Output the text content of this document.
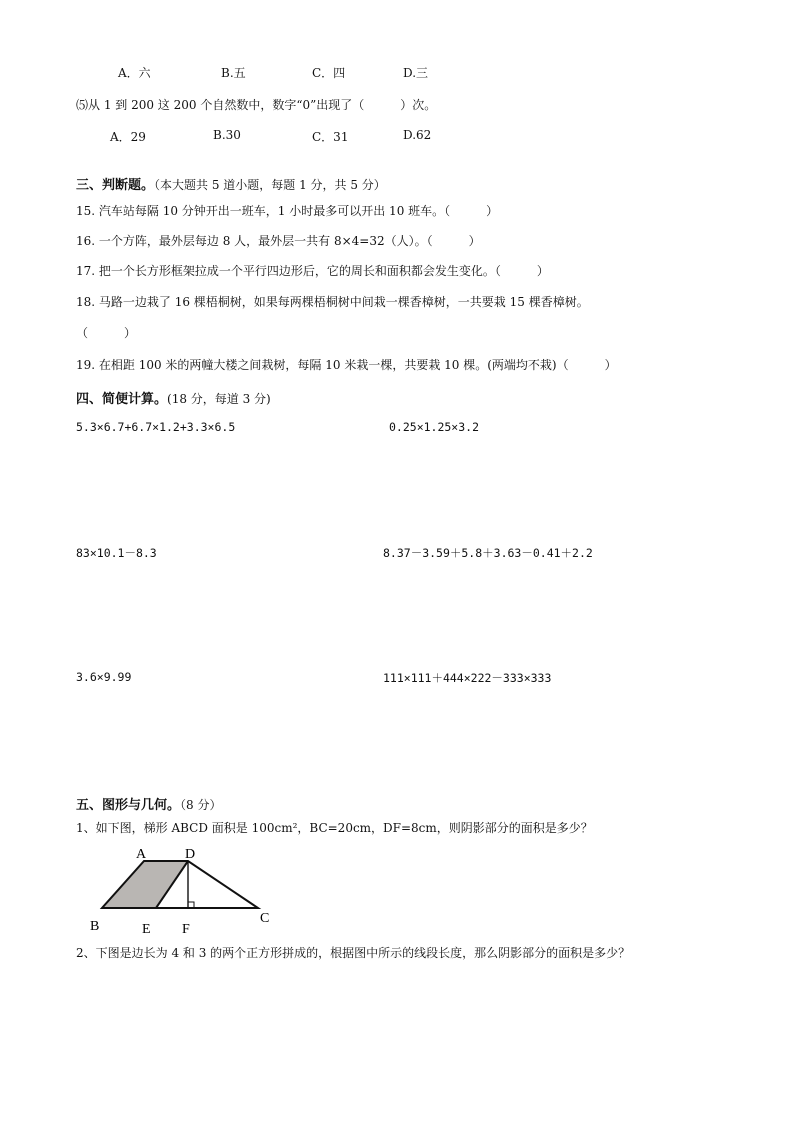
A．六	B.五	C．四	D.三
⑸从 1 到 200 这 200 个自然数中，数字“0”出现了（　　　）次。
A．29	B.30	C．31	D.62
三、判断题。（本大题共 5 道小题，每题 1 分，共 5 分）
15. 汽车站每隔 10 分钟开出一班车，1 小时最多可以开出 10 班车。（　　　）
16. 一个方阵，最外层每边 8 人，最外层一共有 8×4=32（人）。（　　　）
17. 把一个长方形框架拉成一个平行四边形后，它的周长和面积都会发生变化。（　　　）
18. 马路一边栽了 16 棵梧桐树，如果每两棵梧桐树中间栽一棵香樟树，一共要栽 15 棵香樟树。
（　　　）
19. 在相距 100 米的两幢大楼之间栽树，每隔 10 米栽一棵，共要栽 10 棵。(两端均不栽)（　　　）
四、简便计算。(18 分，每道 3 分)
5.3×6.7+6.7×1.2+3.3×6.5	0.25×1.25×3.2
83×10.1－8.3	8.37－3.59＋5.8＋3.63－0.41＋2.2
3.6×9.99	111×111＋444×222－333×333
五、图形与几何。（8 分）
1、如下图，梯形 ABCD 面积是 100cm²，BC=20cm，DF=8cm，则阴影部分的面积是多少？
A	D
B	E F
C
2、下图是边长为 4 和 3 的两个正方形拼成的，根据图中所示的线段长度，那么阴影部分的面积是多少？
